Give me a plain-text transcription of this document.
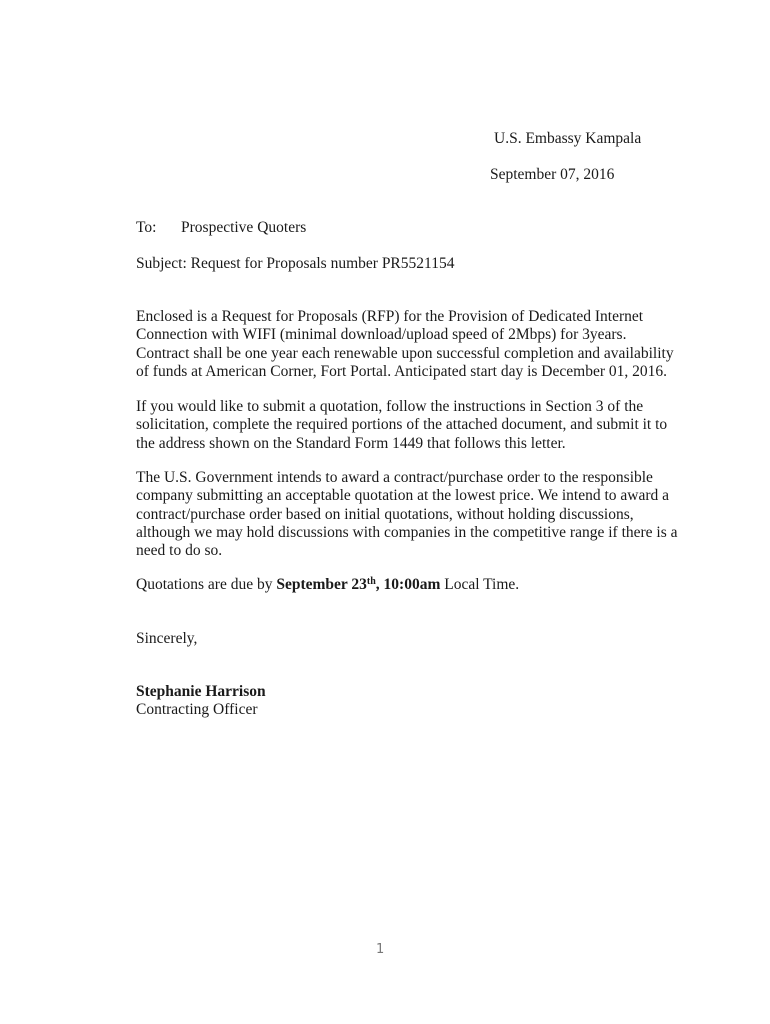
U.S. Embassy Kampala
September 07, 2016
To: Prospective Quoters
Subject: Request for Proposals number PR5521154
Enclosed is a Request for Proposals (RFP) for the Provision of Dedicated Internet Connection with WIFI (minimal download/upload speed of 2Mbps) for 3years. Contract shall be one year each renewable upon successful completion and availability of funds at American Corner, Fort Portal. Anticipated start day is December 01, 2016.
If you would like to submit a quotation, follow the instructions in Section 3 of the solicitation, complete the required portions of the attached document, and submit it to the address shown on the Standard Form 1449 that follows this letter.
The U.S. Government intends to award a contract/purchase order to the responsible company submitting an acceptable quotation at the lowest price. We intend to award a contract/purchase order based on initial quotations, without holding discussions, although we may hold discussions with companies in the competitive range if there is a need to do so.
Quotations are due by September 23th, 10:00am Local Time.
Sincerely,
Stephanie Harrison
Contracting Officer
1
